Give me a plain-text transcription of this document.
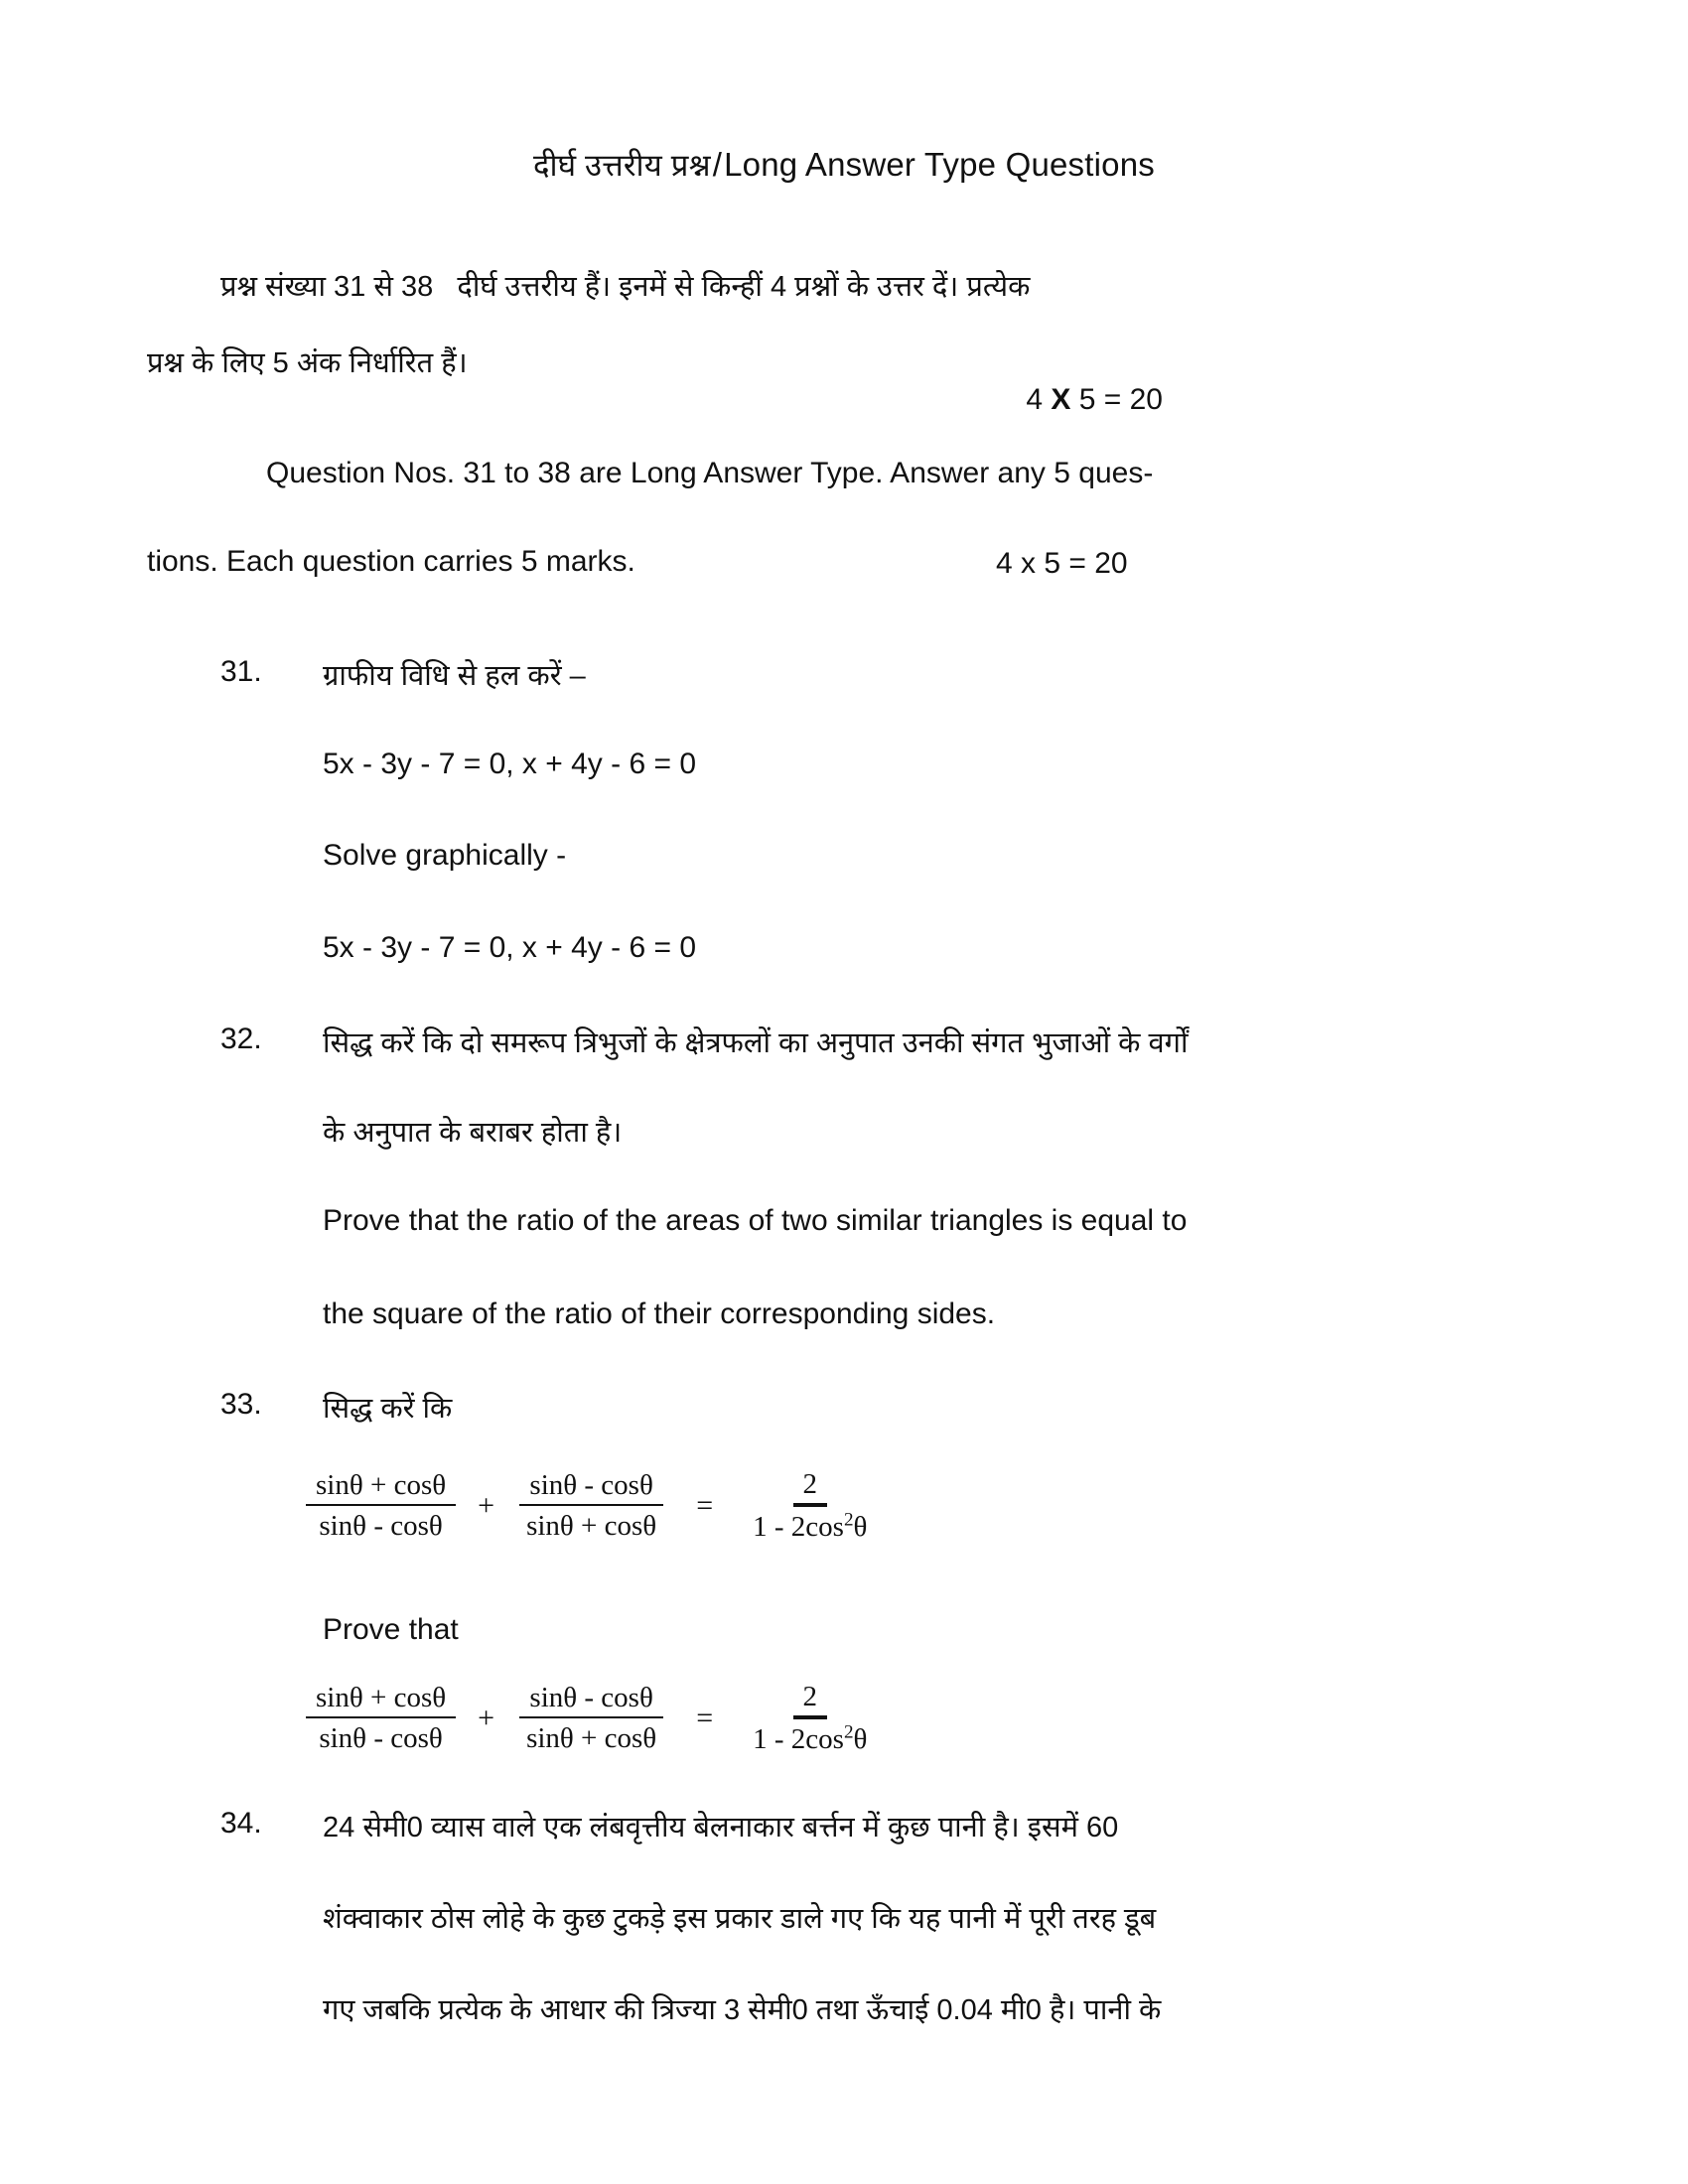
दीर्घ उत्तरीय प्रश्न/Long Answer Type Questions
प्रश्न संख्या 31 से 38   दीर्घ उत्तरीय हैं। इनमें से किन्हीं 4 प्रश्नों के उत्तर दें। प्रत्येक
प्रश्न के लिए 5 अंक निर्धारित हैं।

4 X 5 = 20

Question Nos. 31 to 38 are Long Answer Type. Answer any 5 ques-
tions. Each question carries 5 marks.	4 x 5 = 20
31. ग्राफीय विधि से हल करें –
5x - 3y - 7 = 0, x + 4y - 6 = 0
Solve graphically -
5x - 3y - 7 = 0, x + 4y - 6 = 0
32. सिद्ध करें कि दो समरूप त्रिभुजों के क्षेत्रफलों का अनुपात उनकी संगत भुजाओं के वर्गों
के अनुपात के बराबर होता है।
Prove that the ratio of the areas of two similar triangles is equal to
the square of the ratio of their corresponding sides.
33. सिद्ध करें कि
$\frac{\sin\theta + \cos\theta}{\sin\theta - \cos\theta} + \frac{\sin\theta - \cos\theta}{\sin\theta + \cos\theta}$	=	$\frac{2}{1 - 2\cos^2\theta}$
Prove that
$\frac{\sin\theta + \cos\theta}{\sin\theta - \cos\theta} + \frac{\sin\theta - \cos\theta}{\sin\theta + \cos\theta}$	=	$\frac{2}{1 - 2\cos^2\theta}$
34. 24 सेमी0 व्यास वाले एक लंबवृत्तीय बेलनाकार बर्त्तन में कुछ पानी है। इसमें 60
शंक्वाकार ठोस लोहे के कुछ टुकड़े इस प्रकार डाले गए कि यह पानी में पूरी तरह डूब
गए जबकि प्रत्येक के आधार की त्रिज्या 3 सेमी0 तथा ऊँचाई 0.04 मी0 है। पानी के
